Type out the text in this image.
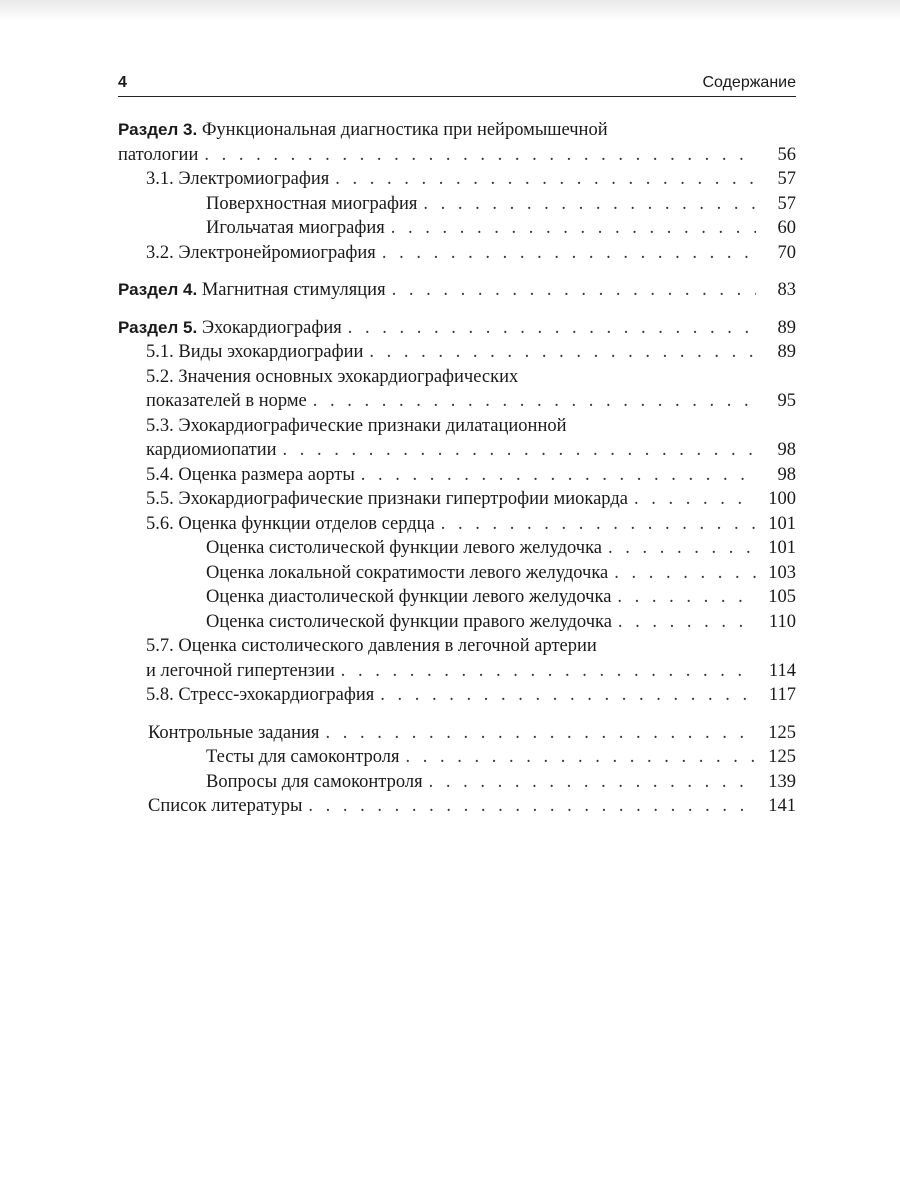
4	Содержание
Раздел 3. Функциональная диагностика при нейромышечной
патологии . . .	56
3.1. Электромиография . . .	57
Поверхностная миография . . .	57
Игольчатая миография . . .	60
3.2. Электронейромиография . . .	70
Раздел 4. Магнитная стимуляция . . .	83
Раздел 5. Эхокардиография . . .	89
5.1. Виды эхокардиографии . . .	89
5.2. Значения основных эхокардиографических
показателей в норме . . .	95
5.3. Эхокардиографические признаки дилатационной
кардиомиопатии . . .	98
5.4. Оценка размера аорты . . .	98
5.5. Эхокардиографические признаки гипертрофии миокарда . . .	100
5.6. Оценка функции отделов сердца . . .	101
Оценка систолической функции левого желудочка . . .	101
Оценка локальной сократимости левого желудочка . . .	103
Оценка диастолической функции левого желудочка . . .	105
Оценка систолической функции правого желудочка . . .	110
5.7. Оценка систолического давления в легочной артерии
и легочной гипертензии . . .	114
5.8. Стресс-эхокардиография . . .	117
Контрольные задания . . .	125
Тесты для самоконтроля . . .	125
Вопросы для самоконтроля . . .	139
Список литературы . . .	141
